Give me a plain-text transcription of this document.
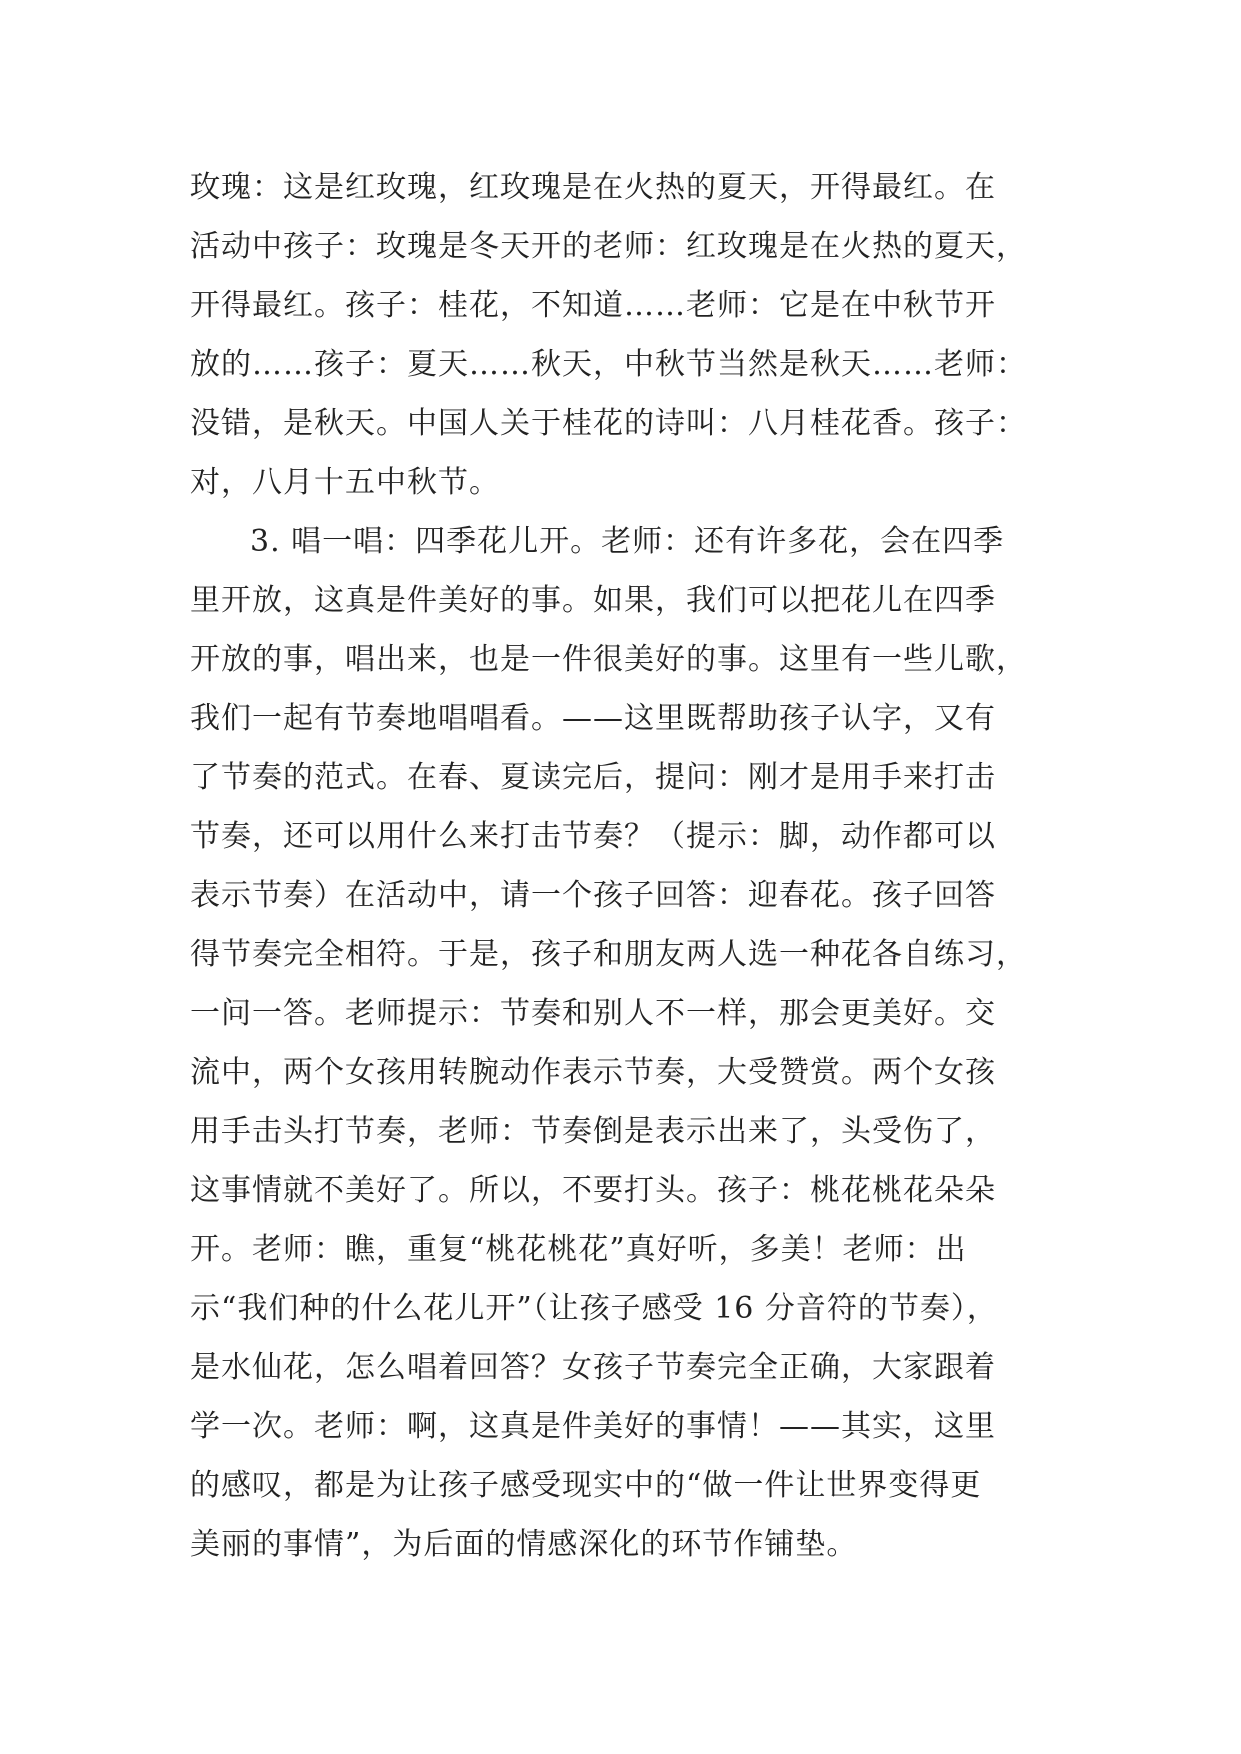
玫瑰：这是红玫瑰，红玫瑰是在火热的夏天，开得最红。在
活动中孩子：玫瑰是冬天开的老师：红玫瑰是在火热的夏天，
开得最红。孩子：桂花，不知道……老师：它是在中秋节开
放的……孩子：夏天……秋天，中秋节当然是秋天……老师：
没错，是秋天。中国人关于桂花的诗叫：八月桂花香。孩子：
对，八月十五中秋节。
3. 唱一唱：四季花儿开。老师：还有许多花，会在四季
里开放，这真是件美好的事。如果，我们可以把花儿在四季
开放的事，唱出来，也是一件很美好的事。这里有一些儿歌，
我们一起有节奏地唱唱看。——这里既帮助孩子认字，又有
了节奏的范式。在春、夏读完后，提问：刚才是用手来打击
节奏，还可以用什么来打击节奏？（提示：脚，动作都可以
表示节奏）在活动中，请一个孩子回答：迎春花。孩子回答
得节奏完全相符。于是，孩子和朋友两人选一种花各自练习，
一问一答。老师提示：节奏和别人不一样，那会更美好。交
流中，两个女孩用转腕动作表示节奏，大受赞赏。两个女孩
用手击头打节奏，老师：节奏倒是表示出来了，头受伤了，
这事情就不美好了。所以，不要打头。孩子：桃花桃花朵朵
开。老师：瞧，重复“桃花桃花”真好听，多美！老师：出
示“我们种的什么花儿开”（让孩子感受 16 分音符的节奏），
是水仙花，怎么唱着回答？女孩子节奏完全正确，大家跟着
学一次。老师：啊，这真是件美好的事情！——其实，这里
的感叹，都是为让孩子感受现实中的“做一件让世界变得更
美丽的事情”，为后面的情感深化的环节作铺垫。
